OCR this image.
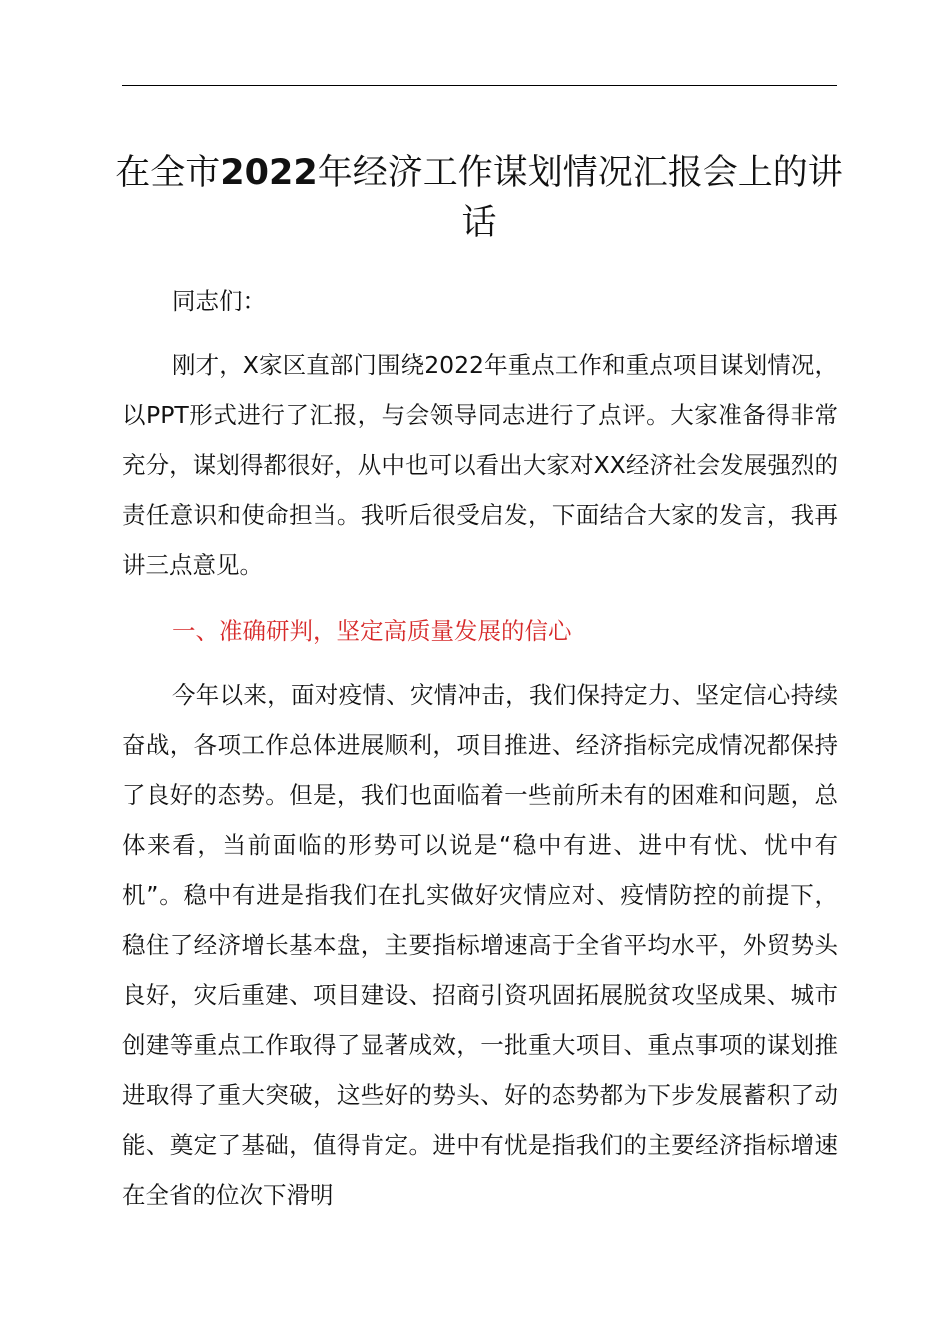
在全市2022年经济工作谋划情况汇报会上的讲话

同志们：

刚才，X家区直部门围绕2022年重点工作和重点项目谋划情况，以PPT形式进行了汇报，与会领导同志进行了点评。大家准备得非常充分，谋划得都很好，从中也可以看出大家对XX经济社会发展强烈的责任意识和使命担当。我听后很受启发，下面结合大家的发言，我再讲三点意见。

一、准确研判，坚定高质量发展的信心

今年以来，面对疫情、灾情冲击，我们保持定力、坚定信心持续奋战，各项工作总体进展顺利，项目推进、经济指标完成情况都保持了良好的态势。但是，我们也面临着一些前所未有的困难和问题，总体来看，当前面临的形势可以说是“稳中有进、进中有忧、忧中有机”。稳中有进是指我们在扎实做好灾情应对、疫情防控的前提下，稳住了经济增长基本盘，主要指标增速高于全省平均水平，外贸势头良好，灾后重建、项目建设、招商引资巩固拓展脱贫攻坚成果、城市创建等重点工作取得了显著成效，一批重大项目、重点事项的谋划推进取得了重大突破，这些好的势头、好的态势都为下步发展蓄积了动能、奠定了基础，值得肯定。进中有忧是指我们的主要经济指标增速在全省的位次下滑明
